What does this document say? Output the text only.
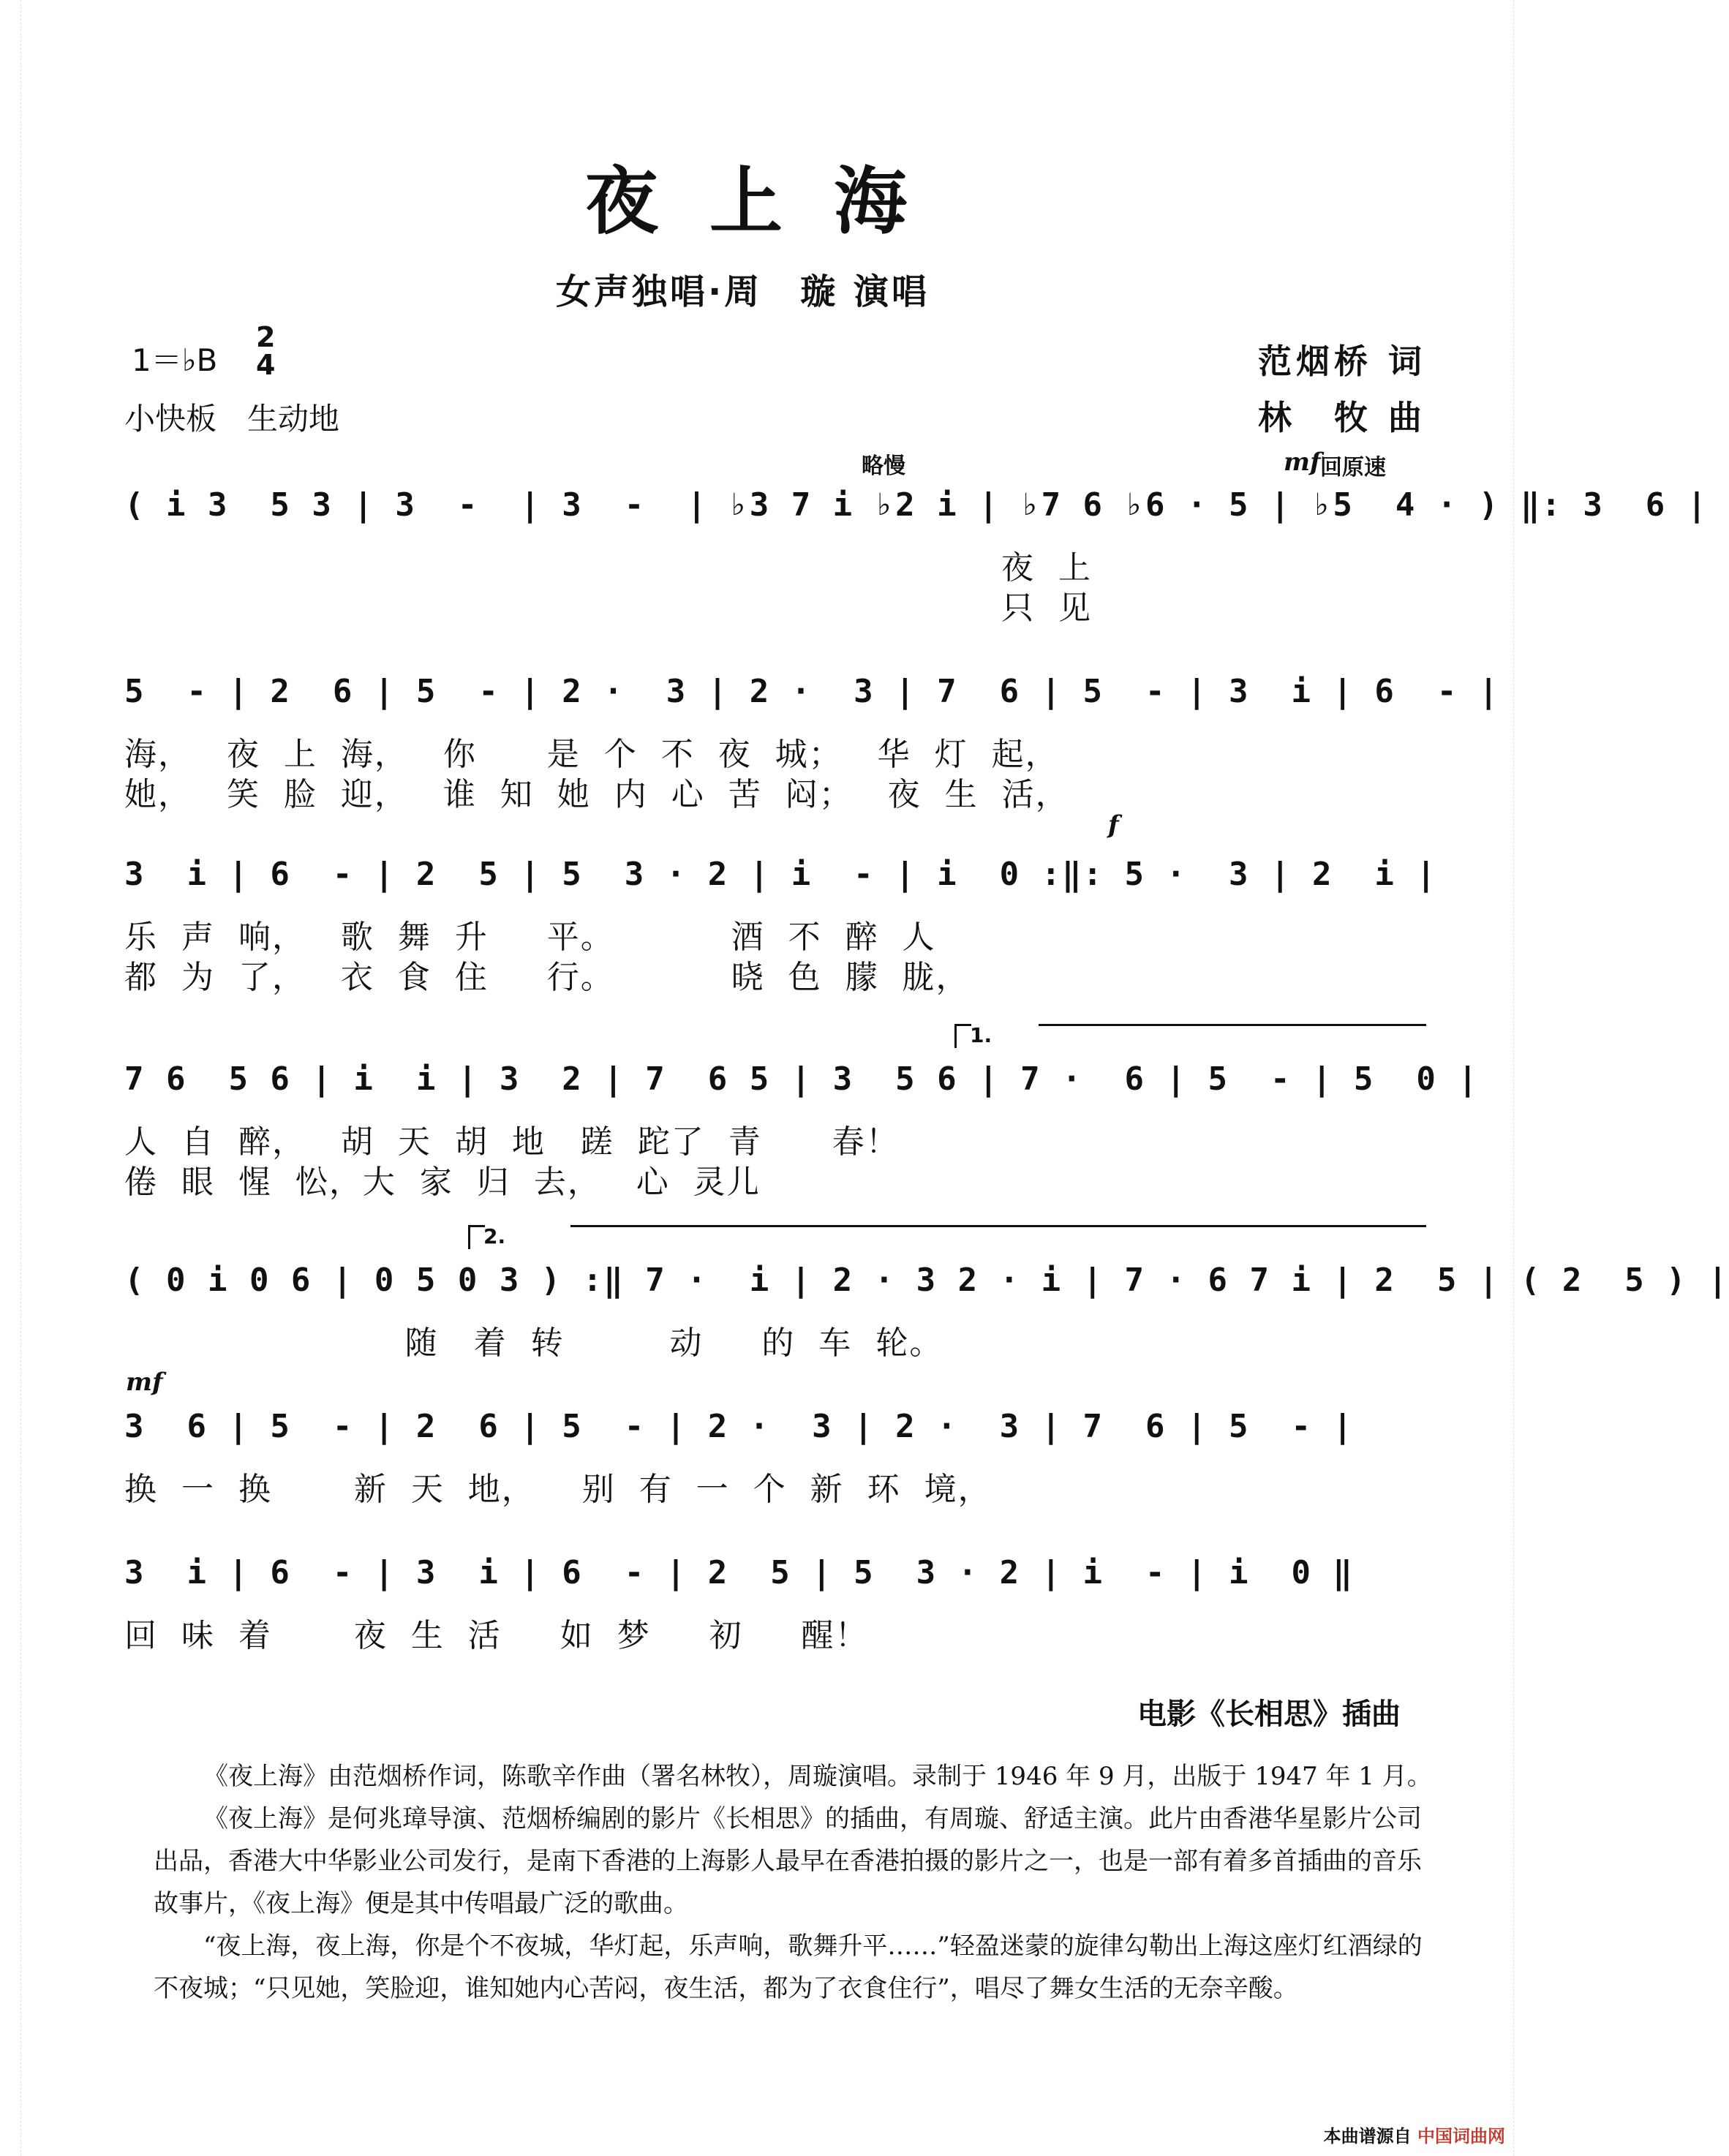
夜上海
女声独唱·周　璇 演唱
1＝♭B
2
4
小快板　生动地
范烟桥 词
林　牧 曲
略慢	mf 回原速
f
mf
( i 3  5 3 | 3  -  | 3  -  | ♭3 7 i ♭2 i | ♭7 6 ♭6 · 5 | ♭5  4 · ) ‖: 3  6 |
夜  上
只  见
5  - | 2  6 | 5  - | 2 ·  3 | 2 ·  3 | 7  6 | 5  - | 3  i | 6  - |
海，   夜  上  海，   你      是  个  不  夜  城；   华  灯  起，
她，   笑  脸  迎，   谁  知  她  内  心  苦  闷；   夜  生  活，
3  i | 6  - | 2  5 | 5  3 · 2 | i  - | i  0 :‖: 5 ·  3 | 2  i |
乐  声  响，   歌  舞  升     平。          酒  不  醉  人
都  为  了，   衣  食  住     行。          晓  色  朦  胧，
1.
7 6  5 6 | i  i | 3  2 | 7  6 5 | 3  5 6 | 7 ·  6 | 5  - | 5  0 |
人  自  醉，   胡  天  胡  地   蹉  跎了  青      春！
倦  眼  惺  忪，大  家  归  去，   心  灵儿
2.
( 0 i 0 6 | 0 5 0 3 ) :‖ 7 ·  i | 2 · 3 2 · i | 7 · 6 7 i | 2  5 | ( 2  5 ) |
随   着  转         动     的  车  轮。
3  6 | 5  - | 2  6 | 5  - | 2 ·  3 | 2 ·  3 | 7  6 | 5  - |
换  一  换       新  天  地，    别  有  一  个  新  环  境，
3  i | 6  - | 3  i | 6  - | 2  5 | 5  3 · 2 | i  - | i  0 ‖
回  味  着       夜  生  活     如  梦     初     醒！
电影《长相思》插曲

《夜上海》由范烟桥作词，陈歌辛作曲（署名林牧），周璇演唱。录制于 1946 年 9 月，出版于 1947 年 1 月。

《夜上海》是何兆璋导演、范烟桥编剧的影片《长相思》的插曲，有周璇、舒适主演。此片由香港华星影片公司出品，香港大中华影业公司发行，是南下香港的上海影人最早在香港拍摄的影片之一，也是一部有着多首插曲的音乐故事片，《夜上海》便是其中传唱最广泛的歌曲。

“夜上海，夜上海，你是个不夜城，华灯起，乐声响，歌舞升平……”轻盈迷蒙的旋律勾勒出上海这座灯红酒绿的不夜城；“只见她，笑脸迎，谁知她内心苦闷，夜生活，都为了衣食住行”，唱尽了舞女生活的无奈辛酸。

本曲谱源自 中国词曲网
